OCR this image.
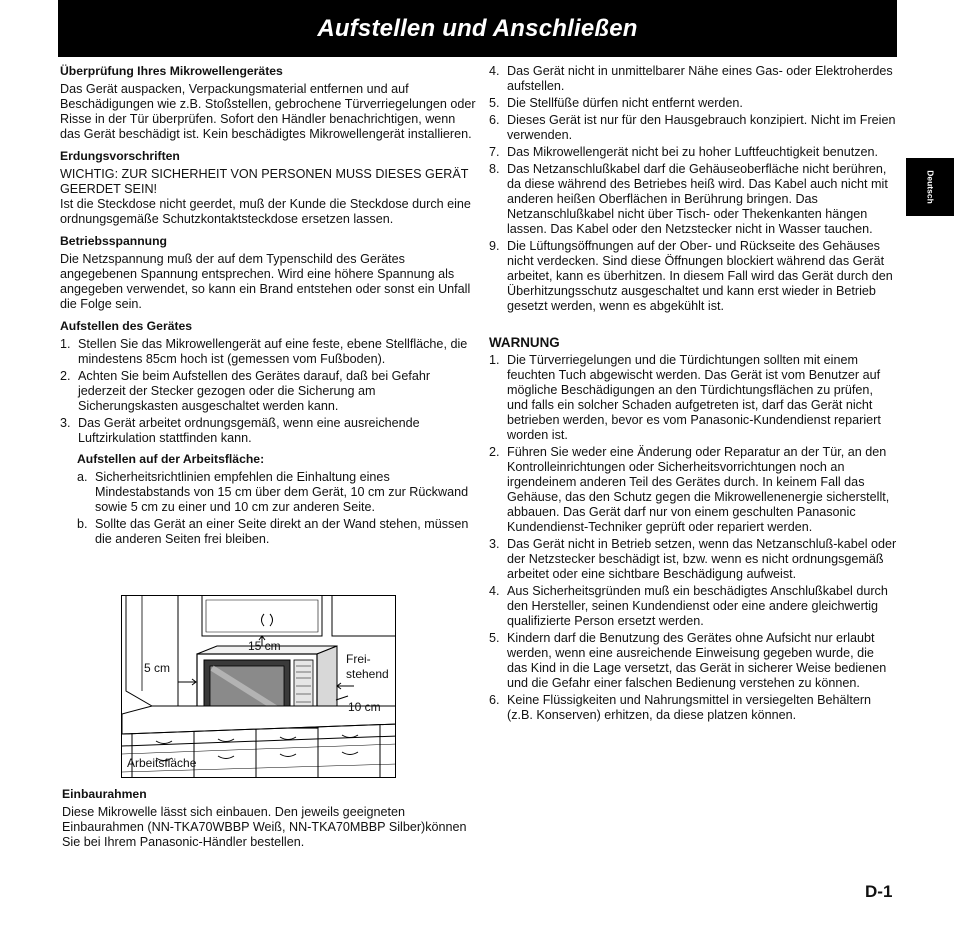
Aufstellen und Anschließen
Deutsch
Überprüfung Ihres Mikrowellengerätes
Das Gerät auspacken, Verpackungsmaterial entfernen und auf Beschädigungen wie z.B. Stoßstellen, gebrochene Türverriegelungen oder Risse in der Tür überprüfen. Sofort den Händler benachrichtigen, wenn das Gerät beschädigt ist. Kein beschädigtes Mikrowellengerät installieren.
Erdungsvorschriften
WICHTIG: ZUR SICHERHEIT VON PERSONEN MUSS DIESES GERÄT GEERDET SEIN!
Ist die Steckdose nicht geerdet, muß der Kunde die Steckdose durch eine ordnungsgemäße Schutzkontaktsteckdose ersetzen lassen.
Betriebsspannung
Die Netzspannung muß der auf dem Typenschild des Gerätes angegebenen Spannung entsprechen. Wird eine höhere Spannung als angegeben verwendet, so kann ein Brand entstehen oder sonst ein Unfall die Folge sein.
Aufstellen des Gerätes
1. Stellen Sie das Mikrowellengerät auf eine feste, ebene Stellfläche, die mindestens 85cm hoch ist (gemessen vom Fußboden).
2. Achten Sie beim Aufstellen des Gerätes darauf, daß bei Gefahr jederzeit der Stecker gezogen oder die Sicherung am Sicherungskasten ausgeschaltet werden kann.
3. Das Gerät arbeitet ordnungsgemäß, wenn eine ausreichende Luftzirkulation stattfinden kann.
Aufstellen auf der Arbeitsfläche:
a. Sicherheitsrichtlinien empfehlen die Einhaltung eines Mindestabstands von 15 cm über dem Gerät, 10 cm zur Rückwand sowie 5 cm zu einer und 10 cm zur anderen Seite.
b. Sollte das Gerät an einer Seite direkt an der Wand stehen, müssen die anderen Seiten frei bleiben.
15 cm
5 cm
Frei-
stehend
10 cm
Arbeitsfläche
Einbaurahmen
Diese Mikrowelle lässt sich einbauen. Den jeweils geeigneten Einbaurahmen (NN-TKA70WBBP Weiß, NN-TKA70MBBP Silber)können Sie bei Ihrem Panasonic-Händler bestellen.
4. Das Gerät nicht in unmittelbarer Nähe eines Gas- oder Elektroherdes aufstellen.
5. Die Stellfüße dürfen nicht entfernt werden.
6. Dieses Gerät ist nur für den Hausgebrauch konzipiert. Nicht im Freien verwenden.
7. Das Mikrowellengerät nicht bei zu hoher Luftfeuchtigkeit benutzen.
8. Das Netzanschlußkabel darf die Gehäuseoberfläche nicht berühren, da diese während des Betriebes heiß wird. Das Kabel auch nicht mit anderen heißen Oberflächen in Berührung bringen. Das Netzanschlußkabel nicht über Tisch- oder Thekenkanten hängen lassen. Das Kabel oder den Netzstecker nicht in Wasser tauchen.
9. Die Lüftungsöffnungen auf der Ober- und Rückseite des Gehäuses nicht verdecken. Sind diese Öffnungen blockiert während das Gerät arbeitet, kann es überhitzen. In diesem Fall wird das Gerät durch den Überhitzungsschutz ausgeschaltet und kann erst wieder in Betrieb gesetzt werden, wenn es abgekühlt ist.
WARNUNG
1. Die Türverriegelungen und die Türdichtungen sollten mit einem feuchten Tuch abgewischt werden. Das Gerät ist vom Benutzer auf mögliche Beschädigungen an den Türdichtungsflächen zu prüfen, und falls ein solcher Schaden aufgetreten ist, darf das Gerät nicht betrieben werden, bevor es vom Panasonic-Kundendienst repariert worden ist.
2. Führen Sie weder eine Änderung oder Reparatur an der Tür, an den Kontrolleinrichtungen oder Sicherheitsvorrichtungen noch an irgendeinem anderen Teil des Gerätes durch. In keinem Fall das Gehäuse, das den Schutz gegen die Mikrowellenenergie sicherstellt, abbauen. Das Gerät darf nur von einem geschulten Panasonic Kundendienst-Techniker geprüft oder repariert werden.
3. Das Gerät nicht in Betrieb setzen, wenn das Netzanschluß-kabel oder der Netzstecker beschädigt ist, bzw. wenn es nicht ordnungsgemäß arbeitet oder eine sichtbare Beschädigung aufweist.
4. Aus Sicherheitsgründen muß ein beschädigtes Anschlußkabel durch den Hersteller, seinen Kundendienst oder eine andere gleichwertig qualifizierte Person ersetzt werden.
5. Kindern darf die Benutzung des Gerätes ohne Aufsicht nur erlaubt werden, wenn eine ausreichende Einweisung gegeben wurde, die das Kind in die Lage versetzt, das Gerät in sicherer Weise bedienen und die Gefahr einer falschen Bedienung verstehen zu können.
6. Keine Flüssigkeiten und Nahrungsmittel in versiegelten Behältern (z.B. Konserven) erhitzen, da diese platzen können.
D-1
